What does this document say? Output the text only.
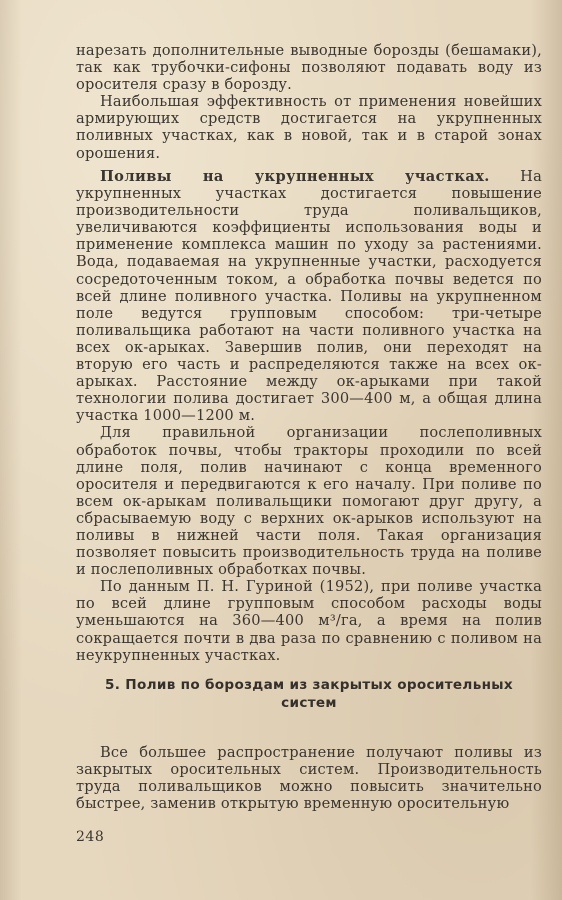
нарезать дополнительные выводные борозды (бешамаки), так как трубочки-сифоны позволяют подавать воду из оросителя сразу в борозду.

Наибольшая эффективность от применения новейших армирующих средств достигается на укрупненных поливных участках, как в новой, так и в старой зонах орошения.

Поливы на укрупненных участках. На укрупненных участках достигается повышение производительности труда поливальщиков, увеличиваются коэффициенты использования воды и применение комплекса машин по уходу за растениями. Вода, подаваемая на укрупненные участки, расходуется сосредоточенным током, а обработка почвы ведется по всей длине поливного участка. Поливы на укрупненном поле ведутся групповым способом: три-четыре поливальщика работают на части поливного участка на всех ок-арыках. Завершив полив, они переходят на вторую его часть и распределяются также на всех ок-арыках. Расстояние между ок-арыками при такой технологии полива достигает 300—400 м, а общая длина участка 1000—1200 м.

Для правильной организации послеполивных обработок почвы, чтобы тракторы проходили по всей длине поля, полив начинают с конца временного оросителя и передвигаются к его началу. При поливе по всем ок-арыкам поливальщики помогают друг другу, а сбрасываемую воду с верхних ок-арыков используют на поливы в нижней части поля. Такая организация позволяет повысить производительность труда на поливе и послеполивных обработках почвы.

По данным П. Н. Гуриной (1952), при поливе участка по всей длине групповым способом расходы воды уменьшаются на 360—400 м³/га, а время на полив сокращается почти в два раза по сравнению с поливом на неукрупненных участках.

5. Полив по бороздам из закрытых оросительных
систем

Все большее распространение получают поливы из закрытых оросительных систем. Производительность труда поливальщиков можно повысить значительно быстрее, заменив открытую временную оросительную

248
